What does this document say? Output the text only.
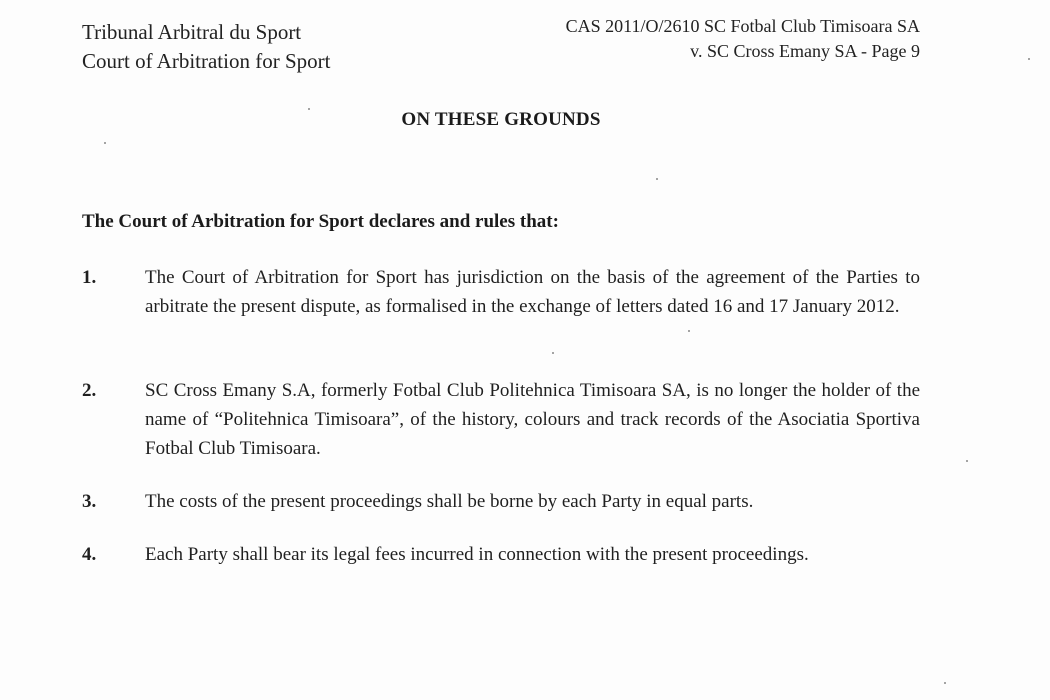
Tribunal Arbitral du Sport
Court of Arbitration for Sport
CAS 2011/O/2610 SC Fotbal Club Timisoara SA
v. SC Cross Emany SA - Page 9
ON THESE GROUNDS
The Court of Arbitration for Sport declares and rules that:
1.	The Court of Arbitration for Sport has jurisdiction on the basis of the agreement of the Parties to arbitrate the present dispute, as formalised in the exchange of letters dated 16 and 17 January 2012.
2.	SC Cross Emany S.A, formerly Fotbal Club Politehnica Timisoara SA, is no longer the holder of the name of “Politehnica Timisoara”, of the history, colours and track records of the Asociatia Sportiva Fotbal Club Timisoara.
3.	The costs of the present proceedings shall be borne by each Party in equal parts.
4.	Each Party shall bear its legal fees incurred in connection with the present proceedings.
